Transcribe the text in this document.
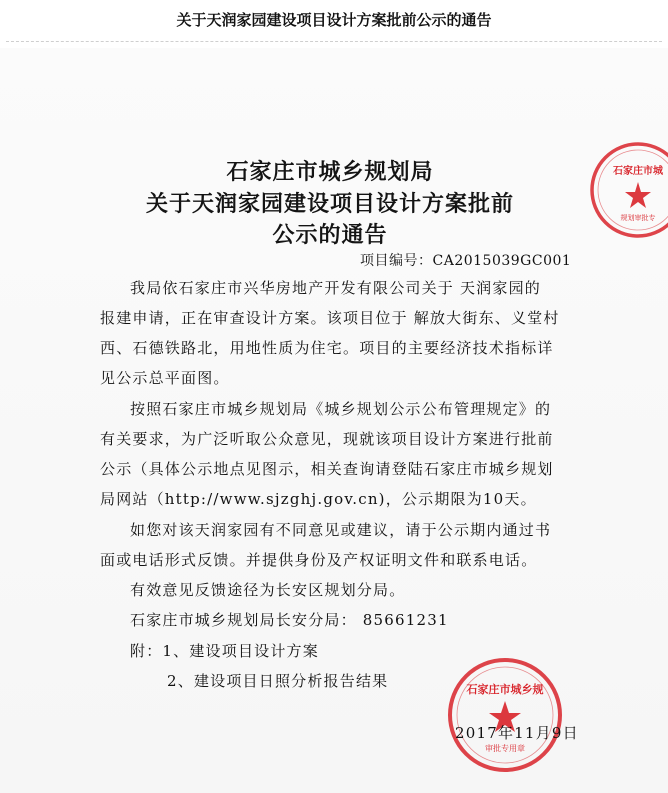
关于天润家园建设项目设计方案批前公示的通告
石家庄市城乡规划局
关于天润家园建设项目设计方案批前
公示的通告
项目编号：CA2015039GC001
我局依石家庄市兴华房地产开发有限公司关于 天润家园的
报建申请，正在审查设计方案。该项目位于 解放大街东、义堂村
西、石德铁路北，用地性质为住宅。项目的主要经济技术指标详
见公示总平面图。
按照石家庄市城乡规划局《城乡规划公示公布管理规定》的
有关要求，为广泛听取公众意见，现就该项目设计方案进行批前
公示（具体公示地点见图示，相关查询请登陆石家庄市城乡规划
局网站（http://www.sjzghj.gov.cn)，公示期限为10天。
如您对该天润家园有不同意见或建议，请于公示期内通过书
面或电话形式反馈。并提供身份及产权证明文件和联系电话。
有效意见反馈途径为长安区规划分局。
石家庄市城乡规划局长安分局： 85661231
附：1、建设项目设计方案
2、建设项目日照分析报告结果
石家庄市城
规划审批专
石家庄市城乡规
审批专用章
2017年11月9日
